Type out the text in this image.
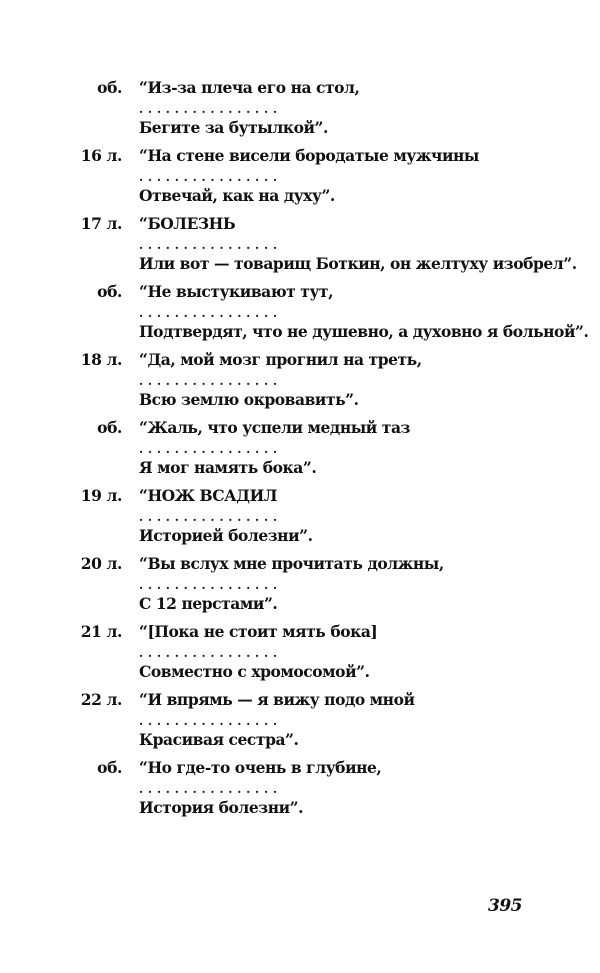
об. “Из-за плеча его на стол,
................
Бегите за бутылкой”.
16 л. “На стене висели бородатые мужчины
................
Отвечай, как на духу”.
17 л. “БОЛЕЗНЬ
................
Или вот — товарищ Боткин, он желтуху изобрел”.
об. “Не выстукивают тут,
................
Подтвердят, что не душевно, а духовно я больной”.
18 л. “Да, мой мозг прогнил на треть,
................
Всю землю окровавить”.
об. “Жаль, что успели медный таз
................
Я мог намять бока”.
19 л. “НОЖ ВСАДИЛ
................
Историей болезни”.
20 л. “Вы вслух мне прочитать должны,
................
С 12 перстами”.
21 л. “[Пока не стоит мять бока]
................
Совместно с хромосомой”.
22 л. “И впрямь — я вижу подо мной
................
Красивая сестра”.
об. “Но где-то очень в глубине,
................
История болезни”.
395
